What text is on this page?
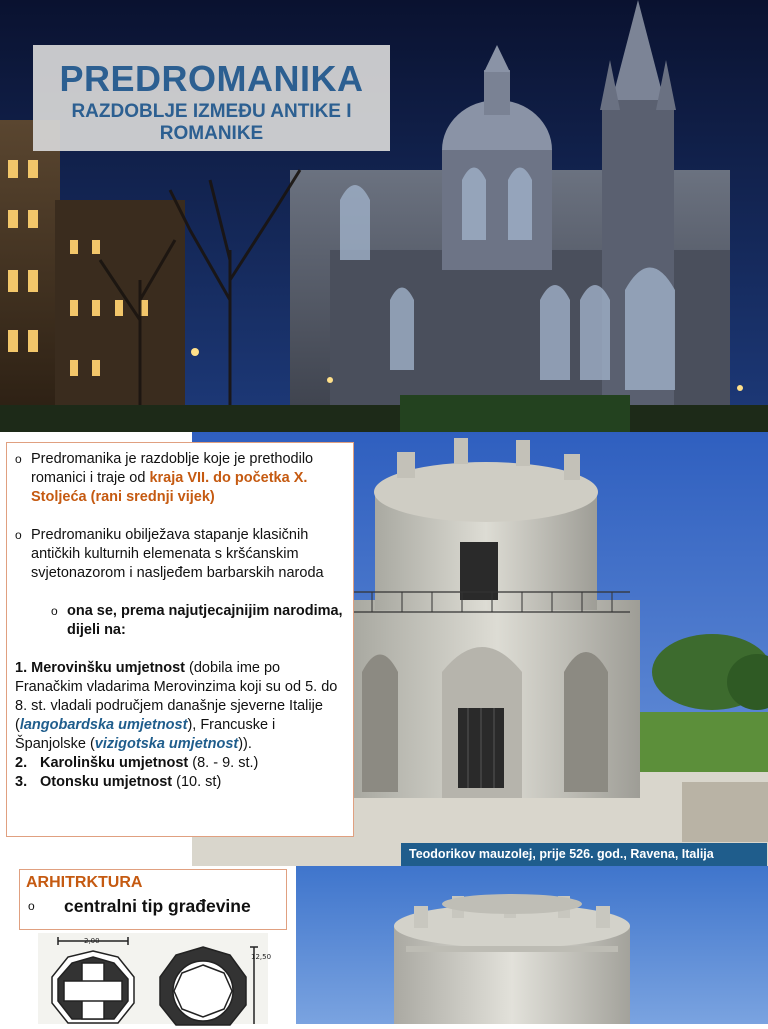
PREDROMANIKA
RAZDOBLJE IZMEĐU ANTIKE I ROMANIKE
Teodorikov mauzolej, prije 526. god., Ravena, Italija
o Predromanika je razdoblje koje je prethodilo romanici i traje od kraja VII. do početka X. Stoljeća (rani srednji vijek)
o Predromaniku obilježava stapanje klasičnih antičkih kulturnih elemenata s kršćanskim svjetonazorom i nasljeđem barbarskih naroda
o ona se, prema najutjecajnijim narodima, dijeli na:
1. Merovinšku umjetnost (dobila ime po Franačkim vladarima Merovinzima koji su od 5. do 8. st. vladali područjem današnje sjeverne Italije (langobardska umjetnost), Francuske i Španjolske (vizigotska umjetnost)).
2. Karolinšku umjetnost (8. - 9. st.)
3. Otonsku umjetnost (10. st)
ARHITRKTURA
o centralni tip građevine
2,00
12,50
